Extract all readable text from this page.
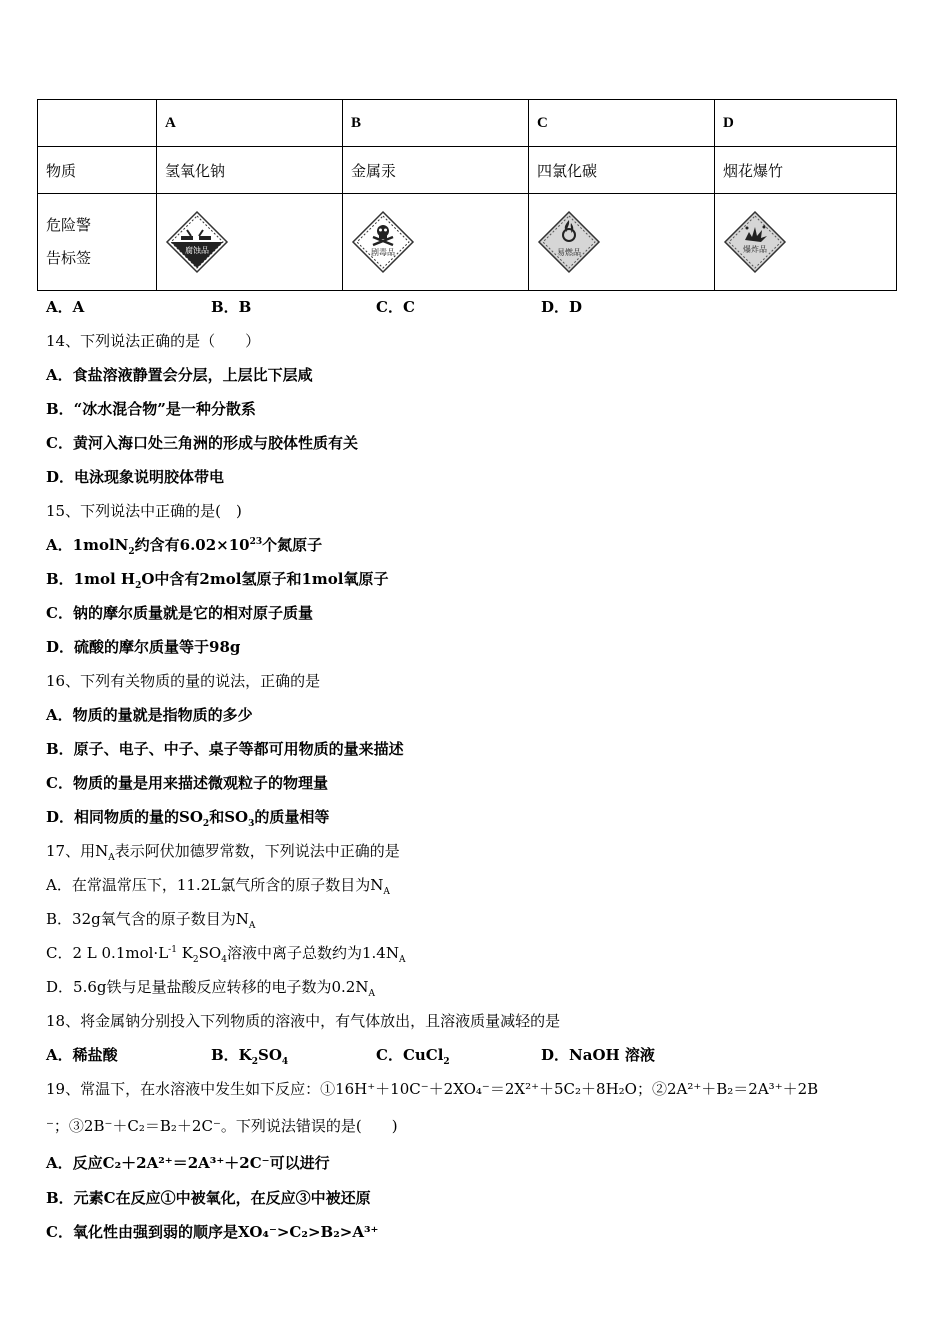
	A	B	C	D
物质	氢氧化钠	金属汞	四氯化碳	烟花爆竹

危险警
告标签	腐蚀品	剧毒品	易燃品	爆炸品
A．A	B．B	C．C	D．D
14、下列说法正确的是（　　）
A．食盐溶液静置会分层，上层比下层咸
B．“冰水混合物”是一种分散系
C．黄河入海口处三角洲的形成与胶体性质有关
D．电泳现象说明胶体带电
15、下列说法中正确的是(　)
A．1molN$_2$约含有$6.02\times 10^{23}$个氮原子
B．1mol $H_2O$中含有2mol氢原子和1mol氧原子
C．钠的摩尔质量就是它的相对原子质量
D．硫酸的摩尔质量等于98g
16、下列有关物质的量的说法，正确的是
A．物质的量就是指物质的多少
B．原子、电子、中子、桌子等都可用物质的量来描述
C．物质的量是用来描述微观粒子的物理量
D．相同物质的量的$SO_2$和$SO_3$的质量相等
17、用$N_A$表示阿伏加德罗常数，下列说法中正确的是
A．在常温常压下，11.2L氯气所含的原子数目为$N_A$
B．32g氧气含的原子数目为$N_A$
C．2 L $0.1mol\cdot L^{-1}$ $K_2SO_4$溶液中离子总数约为$1.4N_A$
D．5.6g铁与足量盐酸反应转移的电子数为$0.2N_A$
18、将金属钠分别投入下列物质的溶液中，有气体放出，且溶液质量减轻的是
A．稀盐酸	B．$K_2SO_4$	C．CuCl$_2$	D．NaOH 溶液
19、常温下，在水溶液中发生如下反应：①16H⁺＋10C⁻＋2XO₄⁻＝2X²⁺＋5C₂＋8H₂O；②2A²⁺＋B₂＝2A³⁺＋2B
⁻；③2B⁻＋C₂＝B₂＋2C⁻。下列说法错误的是(　　)
A．反应C₂＋2A²⁺＝2A³⁺＋2C⁻可以进行
B．元素C在反应①中被氧化，在反应③中被还原
C．氧化性由强到弱的顺序是XO₄⁻>C₂>B₂>A³⁺
